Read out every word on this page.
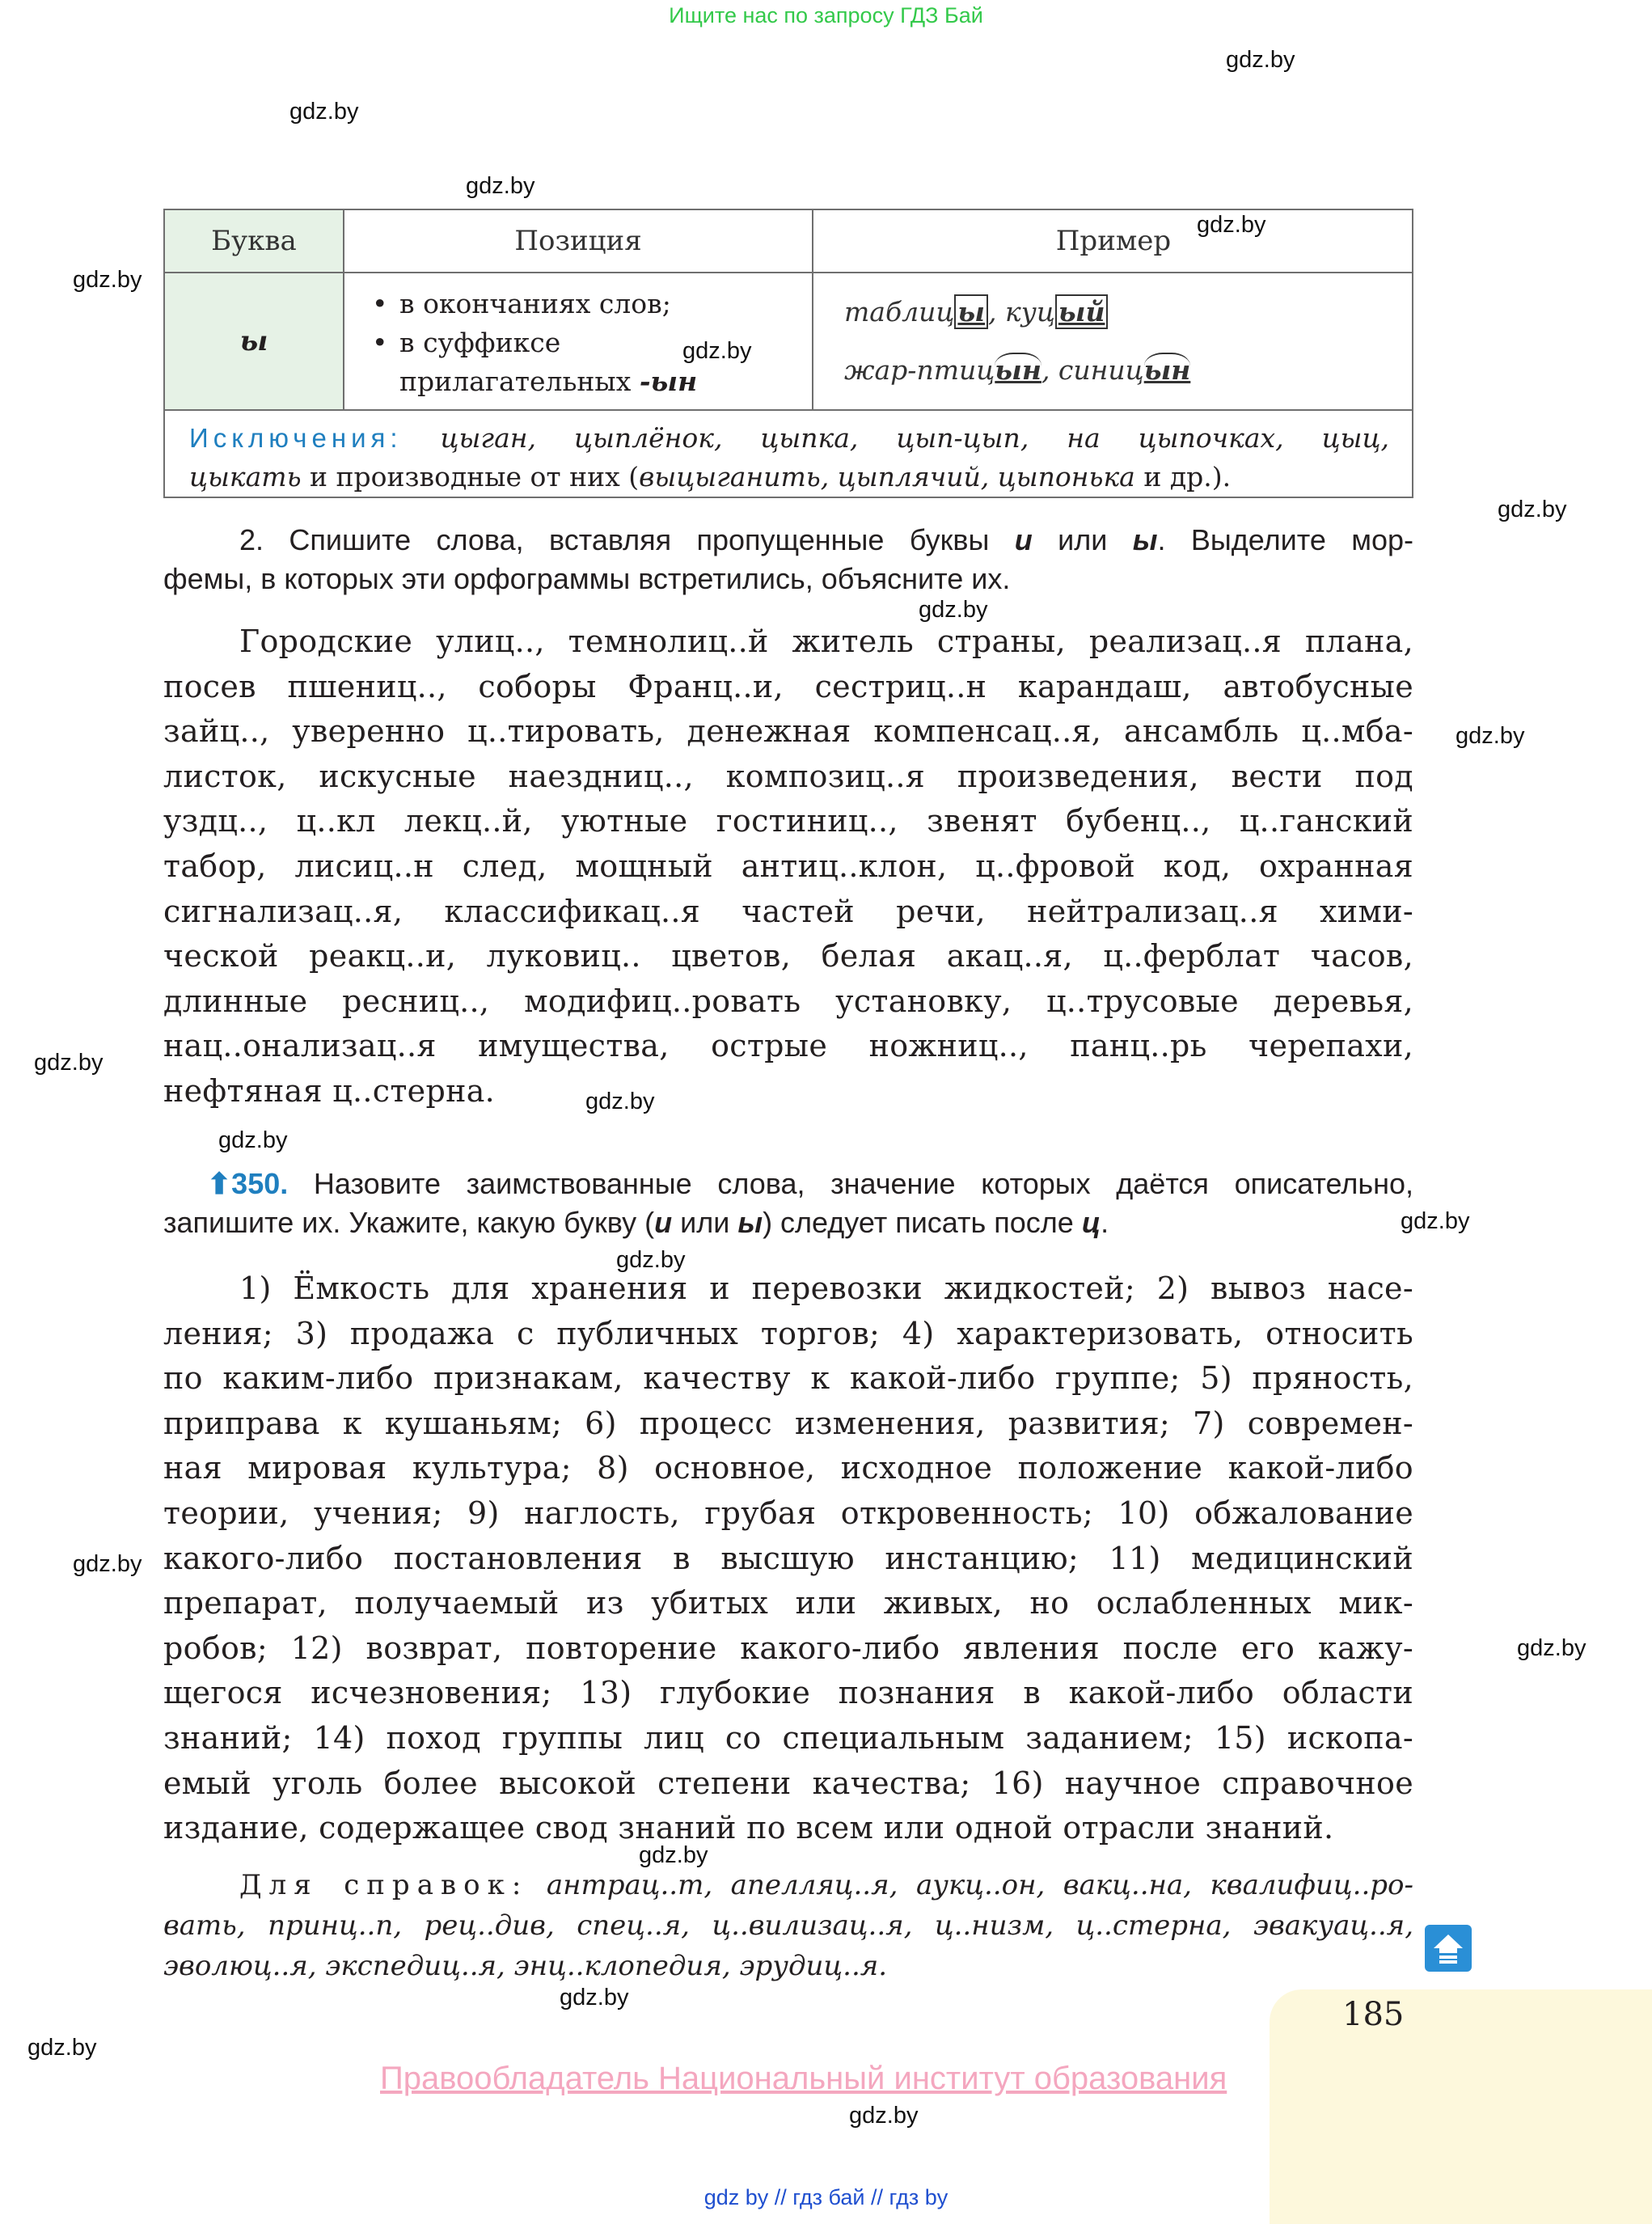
Ищите нас по запросу ГДЗ Бай
gdz.by
gdz.by
gdz.by
gdz.by
gdz.by
gdz.by
gdz.by
gdz.by
gdz.by
gdz.by
gdz.by
gdz.by
gdz.by
gdz.by
gdz.by
gdz.by
gdz.by
gdz.by
gdz.by
gdz.by
Буква	Позиция	Пример
ы
• в окончаниях слов;
• в суффиксе
прилагательных -ын
таблиц ы , куц ый
жар-птицын, синицын
Исключения: цыган, цыплёнок, цыпка, цып-цып, на цыпочках, цыц,
цыкать и производные от них (выцыганить, цыплячий, цыпонька и др.).
2. Спишите слова, вставляя пропущенные буквы и или ы. Выделите мор-
фемы, в которых эти орфограммы встретились, объясните их.
Городские улиц.., темнолиц..й житель страны, реализац..я плана,
посев пшениц.., соборы Франц..и, сестриц..н карандаш, автобусные
зайц.., уверенно ц..тировать, денежная компенсац..я, ансамбль ц..мба-
листок, искусные наездниц.., композиц..я произведения, вести под
уздц.., ц..кл лекц..й, уютные гостиниц.., звенят бубенц.., ц..ганский
табор, лисиц..н след, мощный антиц..клон, ц..фровой код, охранная
сигнализац..я, классификац..я частей речи, нейтрализац..я хими-
ческой реакц..и, луковиц.. цветов, белая акац..я, ц..ферблат часов,
длинные ресниц.., модифиц..ровать установку, ц..трусовые деревья,
нац..онализац..я имущества, острые ножниц.., панц..рь черепахи,
нефтяная ц..стерна.
⬆350. Назовите заимствованные слова, значение которых даётся описательно,
запишите их. Укажите, какую букву (и или ы) следует писать после ц.
1) Ёмкость для хранения и перевозки жидкостей; 2) вывоз насе-
ления; 3) продажа с публичных торгов; 4) характеризовать, относить
по каким-либо признакам, качеству к какой-либо группе; 5) пряность,
приправа к кушаньям; 6) процесс изменения, развития; 7) современ-
ная мировая культура; 8) основное, исходное положение какой-либо
теории, учения; 9) наглость, грубая откровенность; 10) обжалование
какого-либо постановления в высшую инстанцию; 11) медицинский
препарат, получаемый из убитых или живых, но ослабленных мик-
робов; 12) возврат, повторение какого-либо явления после его кажу-
щегося исчезновения; 13) глубокие познания в какой-либо области
знаний; 14) поход группы лиц со специальным заданием; 15) ископа-
емый уголь более высокой степени качества; 16) научное справочное
издание, содержащее свод знаний по всем или одной отрасли знаний.
Для справок: антрац..т, апелляц..я, аукц..он, вакц..на, квалифиц..ро-
вать, принц..п, рец..див, спец..я, ц..вилизац..я, ц..низм, ц..стерна, эвакуац..я,
эволюц..я, экспедиц..я, энц..клопедия, эрудиц..я.
185
Правообладатель Национальный институт образования
gdz by // гдз бай // гдз by
